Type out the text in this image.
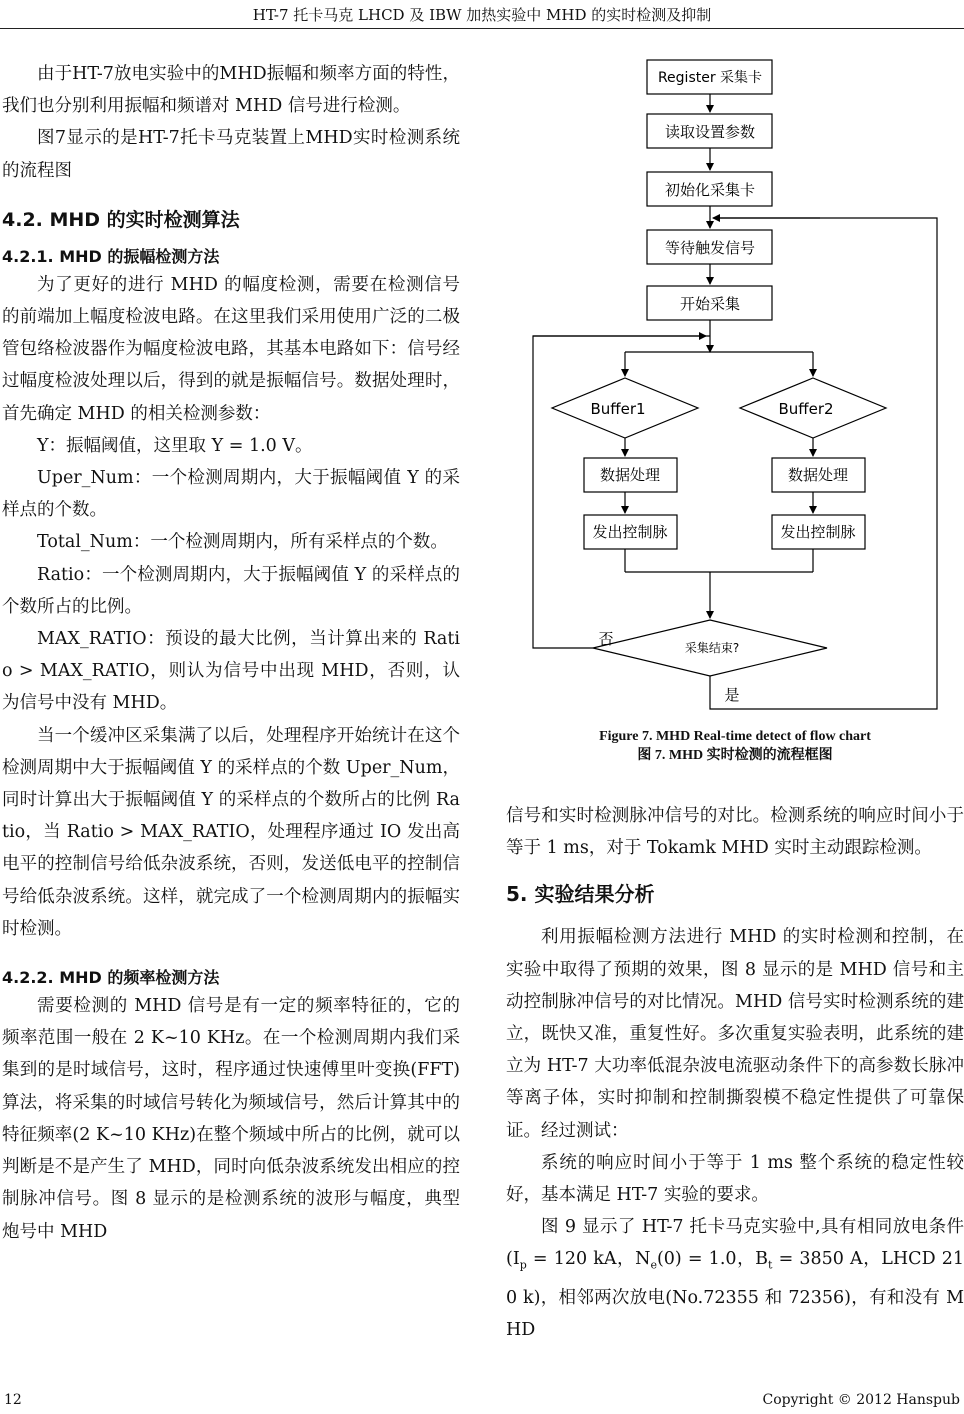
HT-7 托卡马克 LHCD 及 IBW 加热实验中 MHD 的实时检测及抑制

由于HT-7放电实验中的MHD振幅和频率方面的特性，我们也分别利用振幅和频谱对 MHD 信号进行检测。

图7显示的是HT-7托卡马克装置上MHD实时检测系统的流程图

4.2. MHD 的实时检测算法
4.2.1. MHD 的振幅检测方法

为了更好的进行 MHD 的幅度检测，需要在检测信号的前端加上幅度检波电路。在这里我们采用使用广泛的二极管包络检波器作为幅度检波电路，其基本电路如下：信号经过幅度检波处理以后，得到的就是振幅信号。数据处理时，首先确定 MHD 的相关检测参数：

Y：振幅阈值，这里取 Y = 1.0 V。

Uper_Num：一个检测周期内，大于振幅阈值 Y 的采样点的个数。

Total_Num：一个检测周期内，所有采样点的个数。

Ratio：一个检测周期内，大于振幅阈值 Y 的采样点的个数所占的比例。

MAX_RATIO：预设的最大比例，当计算出来的 Ratio > MAX_RATIO，则认为信号中出现 MHD，否则，认为信号中没有 MHD。

当一个缓冲区采集满了以后，处理程序开始统计在这个检测周期中大于振幅阈值 Y 的采样点的个数 Uper_Num，同时计算出大于振幅阈值 Y 的采样点的个数所占的比例 Ratio，当 Ratio > MAX_RATIO，处理程序通过 IO 发出高电平的控制信号给低杂波系统，否则，发送低电平的控制信号给低杂波系统。这样，就完成了一个检测周期内的振幅实时检测。

4.2.2. MHD 的频率检测方法

需要检测的 MHD 信号是有一定的频率特征的，它的频率范围一般在 2 K~10 KHz。在一个检测周期内我们采集到的是时域信号，这时，程序通过快速傅里叶变换(FFT)算法，将采集的时域信号转化为频域信号，然后计算其中的特征频率(2 K~10 KHz)在整个频域中所占的比例，就可以判断是不是产生了 MHD，同时向低杂波系统发出相应的控制脉冲信号。图 8 显示的是检测系统的波形与幅度，典型炮号中 MHD

Register 采集卡
读取设置参数
初始化采集卡
等待触发信号
开始采集
Buffer1	Buffer2
数据处理	数据处理
发出控制脉	发出控制脉
采集结束?
否
是
Figure 7. MHD Real-time detect of flow chart
图 7. MHD 实时检测的流程框图

信号和实时检测脉冲信号的对比。检测系统的响应时间小于等于 1 ms，对于 Tokamk MHD 实时主动跟踪检测。

5. 实验结果分析

利用振幅检测方法进行 MHD 的实时检测和控制，在实验中取得了预期的效果，图 8 显示的是 MHD 信号和主动控制脉冲信号的对比情况。MHD 信号实时检测系统的建立，既快又准，重复性好。多次重复实验表明，此系统的建立为 HT-7 大功率低混杂波电流驱动条件下的高参数长脉冲等离子体，实时抑制和控制撕裂模不稳定性提供了可靠保证。经过测试：

系统的响应时间小于等于 1 ms 整个系统的稳定性较好，基本满足 HT-7 实验的要求。

图 9 显示了 HT-7 托卡马克实验中,具有相同放电条件($I_p = 120$ kA，$N_e(0) = 1.0$，$B_t = 3850$ A，LHCD 210 k)，相邻两次放电(No.72355 和 72356)，有和没有 MHD

12	Copyright © 2012 Hanspub
